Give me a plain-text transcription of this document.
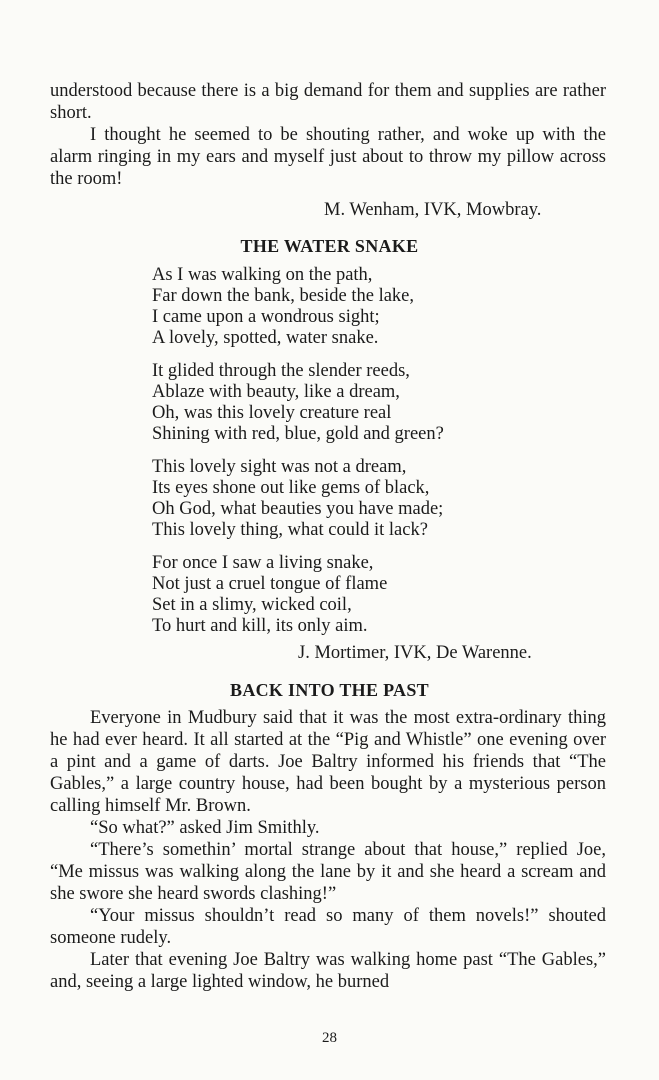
understood because there is a big demand for them and supplies are rather short.

I thought he seemed to be shouting rather, and woke up with the alarm ringing in my ears and myself just about to throw my pillow across the room!

M. Wenham, IVK, Mowbray.
THE WATER SNAKE
As I was walking on the path,
Far down the bank, beside the lake,
I came upon a wondrous sight;
A lovely, spotted, water snake.
It glided through the slender reeds,
Ablaze with beauty, like a dream,
Oh, was this lovely creature real
Shining with red, blue, gold and green?
This lovely sight was not a dream,
Its eyes shone out like gems of black,
Oh God, what beauties you have made;
This lovely thing, what could it lack?
For once I saw a living snake,
Not just a cruel tongue of flame
Set in a slimy, wicked coil,
To hurt and kill, its only aim.
J. Mortimer, IVK, De Warenne.
BACK INTO THE PAST

Everyone in Mudbury said that it was the most extra-ordinary thing he had ever heard. It all started at the “Pig and Whistle” one evening over a pint and a game of darts. Joe Baltry informed his friends that “The Gables,” a large country house, had been bought by a mysterious person calling himself Mr. Brown.

“So what?” asked Jim Smithly.

“There’s somethin’ mortal strange about that house,” replied Joe, “Me missus was walking along the lane by it and she heard a scream and she swore she heard swords clashing!”

“Your missus shouldn’t read so many of them novels!” shouted someone rudely.

Later that evening Joe Baltry was walking home past “The Gables,” and, seeing a large lighted window, he burned

28
